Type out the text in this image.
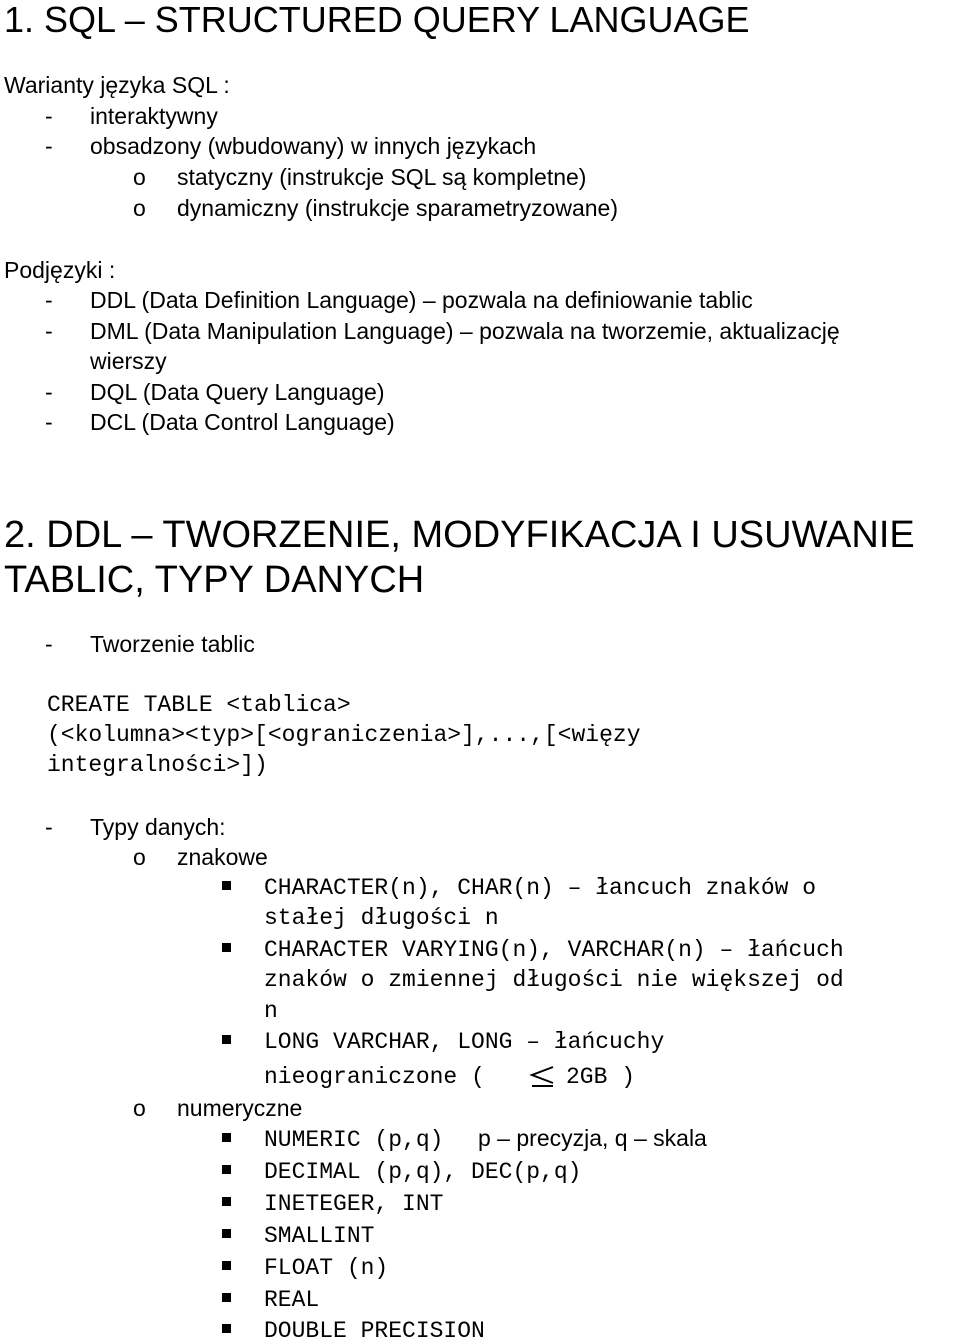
1. SQL – STRUCTURED QUERY LANGUAGE
Warianty języka SQL :
- interaktywny
- obsadzony (wbudowany) w innych językach
o statyczny (instrukcje SQL są kompletne)
o dynamiczny (instrukcje sparametryzowane)
Podjęzyki :
- DDL (Data Definition Language) – pozwala na definiowanie tablic
- DML (Data Manipulation Language) – pozwala na tworzemie, aktualizację
wierszy
- DQL (Data Query Language)
- DCL (Data Control Language)
2. DDL – TWORZENIE, MODYFIKACJA I USUWANIE
TABLIC, TYPY DANYCH
- Tworzenie tablic
CREATE TABLE <tablica>
(<kolumna><typ>[<ograniczenia>],...,[<więzy
integralności>])
- Typy danych:
o znakowe
CHARACTER(n), CHAR(n) – łancuch znaków o
stałej długości n
CHARACTER VARYING(n), VARCHAR(n) – łańcuch
znaków o zmiennej długości nie większej od
n
LONG VARCHAR, LONG – łańcuchy
nieograniczone (	2GB )
o numeryczne
NUMERIC (p,q) p – precyzja, q – skala
DECIMAL (p,q), DEC(p,q)
INETEGER, INT
SMALLINT
FLOAT (n)
REAL
DOUBLE PRECISION
